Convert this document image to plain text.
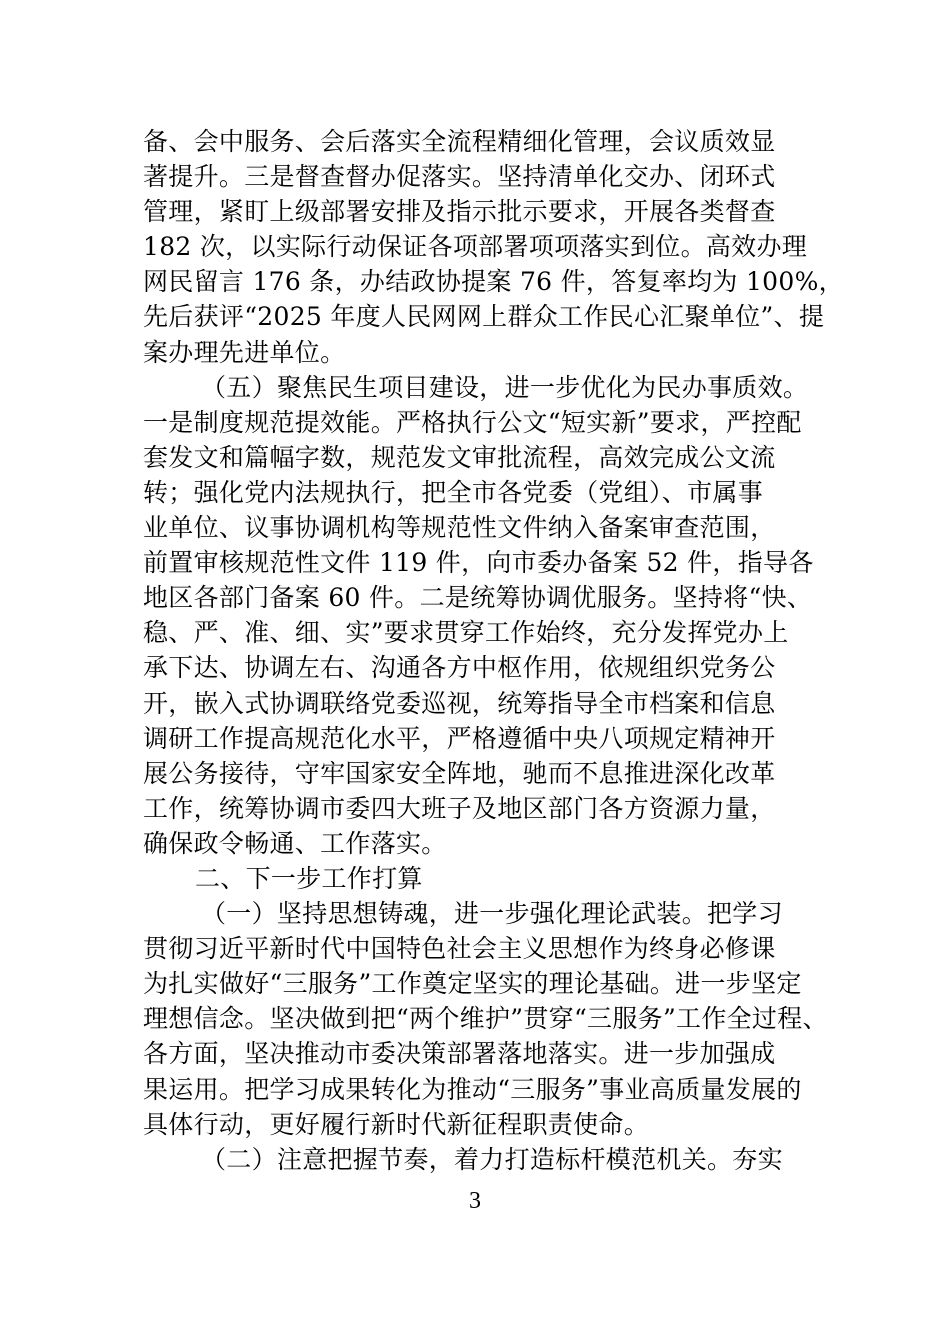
备、会中服务、会后落实全流程精细化管理，会议质效显
著提升。三是督查督办促落实。坚持清单化交办、闭环式
管理，紧盯上级部署安排及指示批示要求，开展各类督查
182 次，以实际行动保证各项部署项项落实到位。高效办理
网民留言 176 条，办结政协提案 76 件，答复率均为 100%，
先后获评“2025 年度人民网网上群众工作民心汇聚单位”、提
案办理先进单位。
（五）聚焦民生项目建设，进一步优化为民办事质效。
一是制度规范提效能。严格执行公文“短实新”要求，严控配
套发文和篇幅字数，规范发文审批流程，高效完成公文流
转；强化党内法规执行，把全市各党委（党组）、市属事
业单位、议事协调机构等规范性文件纳入备案审查范围，
前置审核规范性文件 119 件，向市委办备案 52 件，指导各
地区各部门备案 60 件。二是统筹协调优服务。坚持将“快、
稳、严、准、细、实”要求贯穿工作始终，充分发挥党办上
承下达、协调左右、沟通各方中枢作用，依规组织党务公
开，嵌入式协调联络党委巡视，统筹指导全市档案和信息
调研工作提高规范化水平，严格遵循中央八项规定精神开
展公务接待，守牢国家安全阵地，驰而不息推进深化改革
工作，统筹协调市委四大班子及地区部门各方资源力量，
确保政令畅通、工作落实。
二、下一步工作打算
（一）坚持思想铸魂，进一步强化理论武装。把学习
贯彻习近平新时代中国特色社会主义思想作为终身必修课
为扎实做好“三服务”工作奠定坚实的理论基础。进一步坚定
理想信念。坚决做到把“两个维护”贯穿“三服务”工作全过程、
各方面，坚决推动市委决策部署落地落实。进一步加强成
果运用。把学习成果转化为推动“三服务”事业高质量发展的
具体行动，更好履行新时代新征程职责使命。
（二）注意把握节奏，着力打造标杆模范机关。夯实
3
